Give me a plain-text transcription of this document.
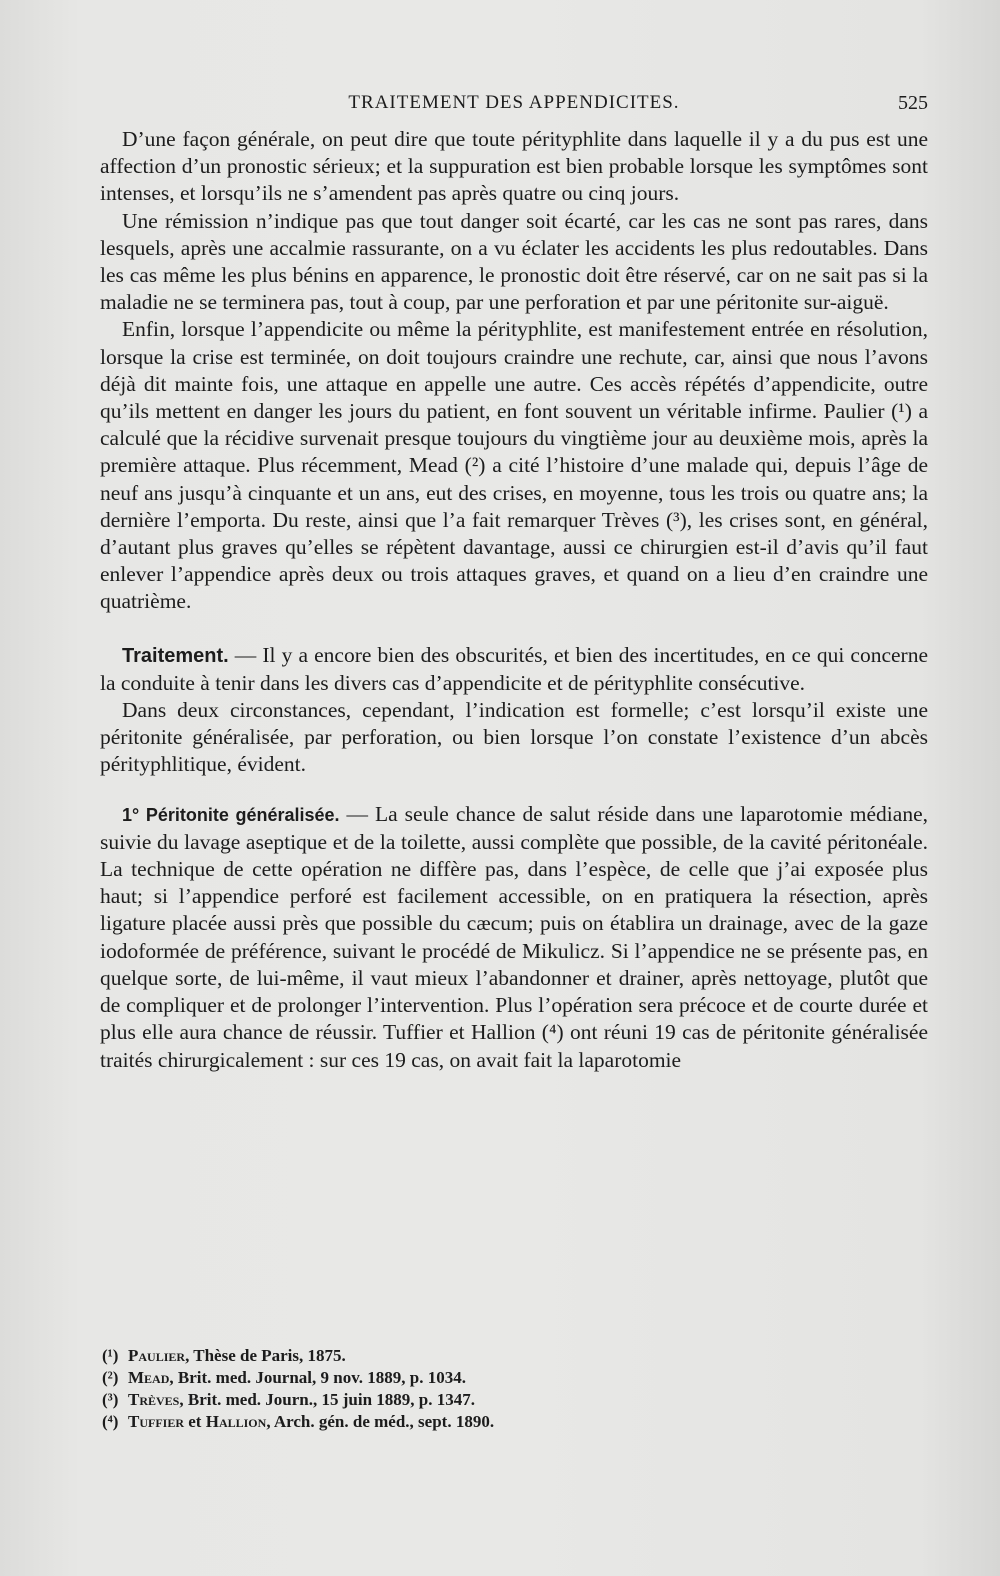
TRAITEMENT DES APPENDICITES.	525

D’une façon générale, on peut dire que toute pérityphlite dans laquelle il y a du pus est une affection d’un pronostic sérieux; et la suppuration est bien probable lorsque les symptômes sont intenses, et lorsqu’ils ne s’amendent pas après quatre ou cinq jours.

Une rémission n’indique pas que tout danger soit écarté, car les cas ne sont pas rares, dans lesquels, après une accalmie rassurante, on a vu éclater les accidents les plus redoutables. Dans les cas même les plus bénins en apparence, le pronostic doit être réservé, car on ne sait pas si la maladie ne se terminera pas, tout à coup, par une perforation et par une péritonite sur-aiguë.

Enfin, lorsque l’appendicite ou même la pérityphlite, est manifestement entrée en résolution, lorsque la crise est terminée, on doit toujours craindre une rechute, car, ainsi que nous l’avons déjà dit mainte fois, une attaque en appelle une autre. Ces accès répétés d’appendicite, outre qu’ils mettent en danger les jours du patient, en font souvent un véritable infirme. Paulier (¹) a calculé que la récidive survenait presque toujours du vingtième jour au deuxième mois, après la première attaque. Plus récemment, Mead (²) a cité l’histoire d’une malade qui, depuis l’âge de neuf ans jusqu’à cinquante et un ans, eut des crises, en moyenne, tous les trois ou quatre ans; la dernière l’emporta. Du reste, ainsi que l’a fait remarquer Trèves (³), les crises sont, en général, d’autant plus graves qu’elles se répètent davantage, aussi ce chirurgien est-il d’avis qu’il faut enlever l’appendice après deux ou trois attaques graves, et quand on a lieu d’en craindre une quatrième.

Traitement. — Il y a encore bien des obscurités, et bien des incertitudes, en ce qui concerne la conduite à tenir dans les divers cas d’appendicite et de pérityphlite consécutive.

Dans deux circonstances, cependant, l’indication est formelle; c’est lorsqu’il existe une péritonite généralisée, par perforation, ou bien lorsque l’on constate l’existence d’un abcès pérityphlitique, évident.

1° Péritonite généralisée. — La seule chance de salut réside dans une laparotomie médiane, suivie du lavage aseptique et de la toilette, aussi complète que possible, de la cavité péritonéale. La technique de cette opération ne diffère pas, dans l’espèce, de celle que j’ai exposée plus haut; si l’appendice perforé est facilement accessible, on en pratiquera la résection, après ligature placée aussi près que possible du cæcum; puis on établira un drainage, avec de la gaze iodoformée de préférence, suivant le procédé de Mikulicz. Si l’appendice ne se présente pas, en quelque sorte, de lui-même, il vaut mieux l’abandonner et drainer, après nettoyage, plutôt que de compliquer et de prolonger l’intervention. Plus l’opération sera précoce et de courte durée et plus elle aura chance de réussir. Tuffier et Hallion (⁴) ont réuni 19 cas de péritonite généralisée traités chirurgicalement : sur ces 19 cas, on avait fait la laparotomie

(¹) Paulier, Thèse de Paris, 1875.
(²) Mead, Brit. med. Journal, 9 nov. 1889, p. 1034.
(³) Trèves, Brit. med. Journ., 15 juin 1889, p. 1347.
(⁴) Tuffier et Hallion, Arch. gén. de méd., sept. 1890.
